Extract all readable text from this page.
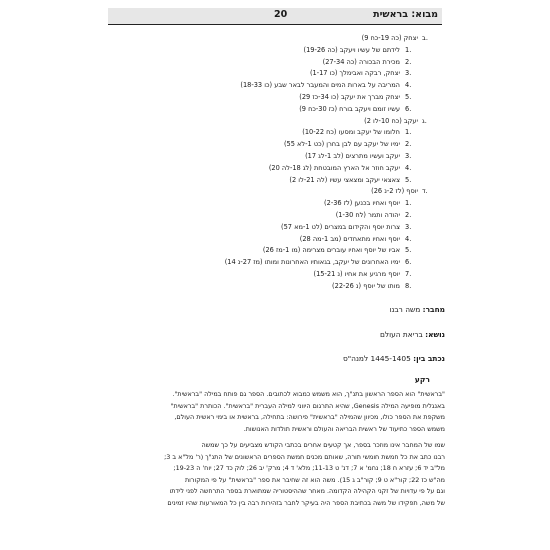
מבוא: בראשית
20
ב.
יצחק (כה 19-כח 9)
1.
לידתם של עשיו ויעקב (כה 19-26)
2.
מכירת הבכורה (כה 27-34)
3.
יצחק, רבקה ואבימלך (כו 1-17)
4.
המריבה על בארות המים והמעבר לבאר שבע (כו 18-33)
5.
יצחק מברך את יעקב (כו 34-כז 29)
6.
עשיו זומם ויעקב בורח (כז 30-כח 9)
ג.
יעקב (כח 10-לו 2)
1.
חלומו של יעקב ומסעו (כח 10-22)
2.
ימיו של יעקב עם לבן בחרן (כט 1-לא 55)
3.
יעקב ועשיו מתרצים (לב 1-לג 17)
4.
יעקב חוזר אל הארץ המובטחת (לג 18-לה 20)
5.
צאצאי יעקב ומצאצי עשיו (לה 21-לו 2)
ד.
יוסף (לז 2-נ 26)
1.
יוסף ואחיו בכנען (לז 2-36)
2.
יהודה ותמר (לח 1-30)
3.
צרות יוסף והקידום במצרים (לט 1-מא 57)
4.
יוסף ואחיו מתאחדים (מב 1-מה 28)
5.
אביו של יוסף ואחיו עוברים מצרימה (מו 1-מז 26)
6.
ימיו האחרונים של יעקב, בגאותיו האחרונות ומותו (מז 27-נ 14)
7.
יוסף מרגיע את אחיו (נ 15-21)
8.
מותו של יוסף (נ 22-26)
מחבר: משה רבנו
נושא: בריאת העולם
נכתב בין: 1445-1405 למנה"ס
רקע
"בראשית" הוא הספר הראשון בתנ"ך, הוא משמש כמבוא לכתובים. הספר גם פותח במילה "בראשית".
באנגלית מופיעה המילה Genesis, שהיא התרגום היווני למילה העברית "בראשית". הכותרת "בראשית"
משקפת את הספר כולו, מכיוון שהמילה "בראשית" פירושה: בתחילה, בראשית או בימי ראשית העולם,
משמש הספר כתיעוד של ראשית הבריאה והעולם וראשית תולדות האנושות.
שמו של המחבר אינו מוזכר בספר, אך קטעים אחרים בכתבי הקודש מצביעים על כך שמשה
רבנו כתב את כל חמשת חומשי תורה, שאותם מכנים חמשת הספרים הראשונים של התנ"ך (ר' מל"א ב 3;
מל"ב יד 6; עזרא ח 18; נחמ' א 7; דנ' ט 11-13; מלא' ד 4; מרק' יב 26; לוק כד 27; יוח' ה 19-23;
מה"ש כז 22; קור"א ט 9; קור"ב ג 15). משה הוא זה שחיבר את ספר "בראשית" על פי המקורות
וגם על פי עדויות של זקני הקהילה הקדומה. מאחר שההיסטוריה שמתוארת בספר התרחשה לפני לידתו
של משה, תפקידו של משה בכתיבת הספר היה בעיקר לחבר בזהירות רבה בין כל המאורעות שהיו זמינים
